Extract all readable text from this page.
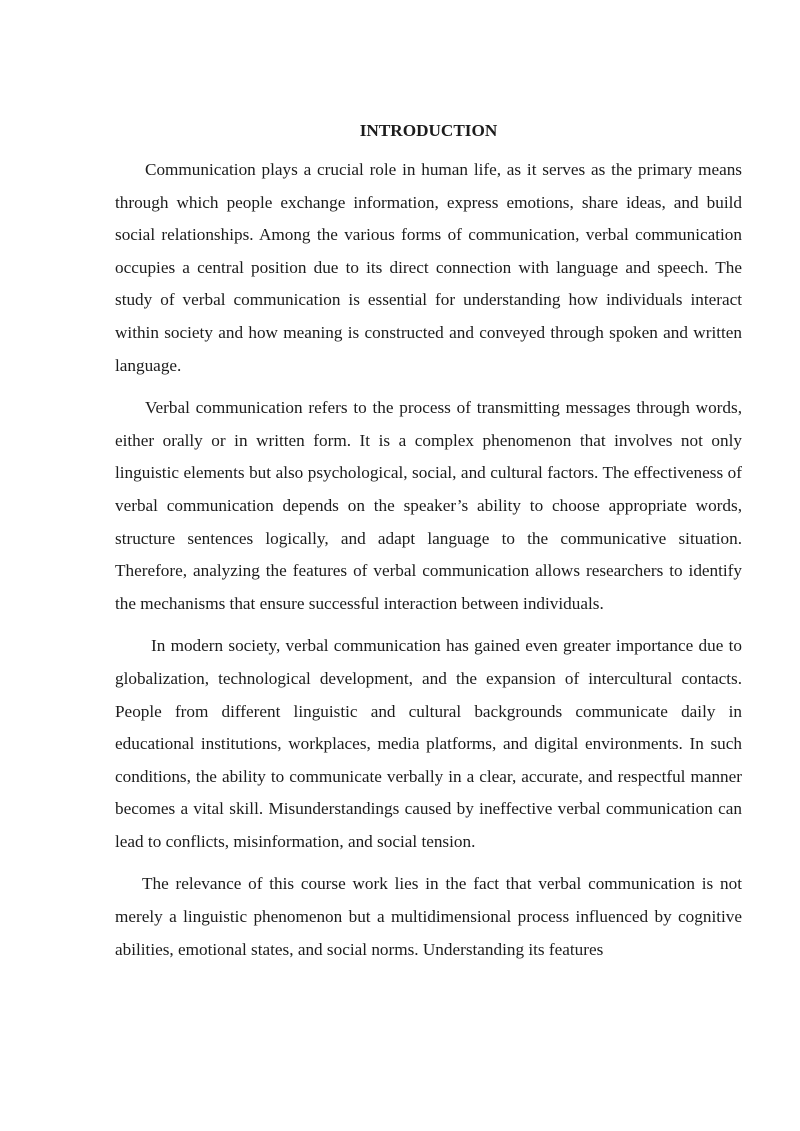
INTRODUCTION

Communication plays a crucial role in human life, as it serves as the primary means through which people exchange information, express emotions, share ideas, and build social relationships. Among the various forms of communication, verbal communication occupies a central position due to its direct connection with language and speech. The study of verbal communication is essential for understanding how individuals interact within society and how meaning is constructed and conveyed through spoken and written language.

Verbal communication refers to the process of transmitting messages through words, either orally or in written form. It is a complex phenomenon that involves not only linguistic elements but also psychological, social, and cultural factors. The effectiveness of verbal communication depends on the speaker’s ability to choose appropriate words, structure sentences logically, and adapt language to the communicative situation. Therefore, analyzing the features of verbal communication allows researchers to identify the mechanisms that ensure successful interaction between individuals.

In modern society, verbal communication has gained even greater importance due to globalization, technological development, and the expansion of intercultural contacts. People from different linguistic and cultural backgrounds communicate daily in educational institutions, workplaces, media platforms, and digital environments. In such conditions, the ability to communicate verbally in a clear, accurate, and respectful manner becomes a vital skill. Misunderstandings caused by ineffective verbal communication can lead to conflicts, misinformation, and social tension.

The relevance of this course work lies in the fact that verbal communication is not merely a linguistic phenomenon but a multidimensional process influenced by cognitive abilities, emotional states, and social norms. Understanding its features
